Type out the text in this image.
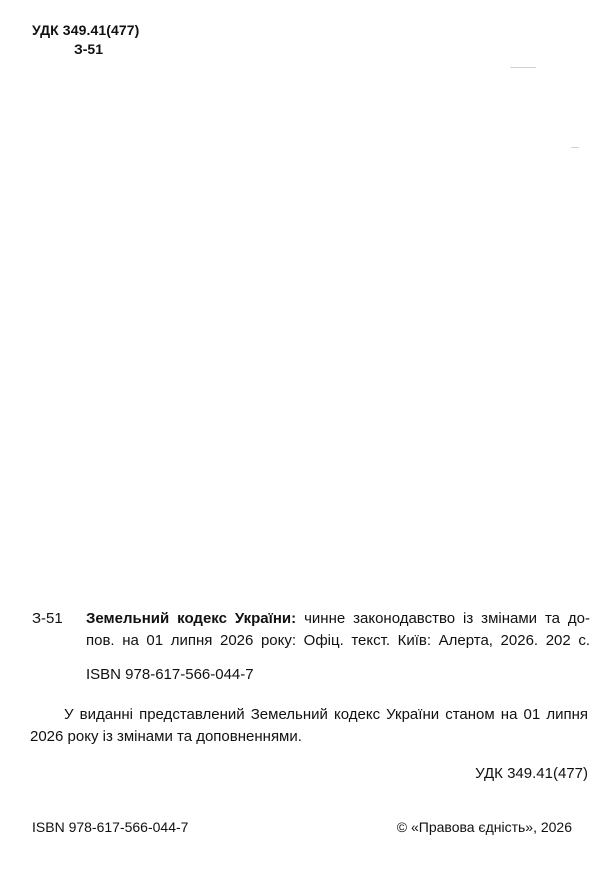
УДК 349.41(477)
З-51
З-51 Земельний кодекс України: чинне законодавство із змінами та до-
пов. на 01 липня 2026 року: Офіц. текст. Київ: Алерта, 2026. 202 с.
ISBN 978-617-566-044-7

У виданні представлений Земельний кодекс України станом на 01 липня 2026 року із змінами та доповненнями.

УДК 349.41(477)
ISBN 978-617-566-044-7	© «Правова єдність», 2026
